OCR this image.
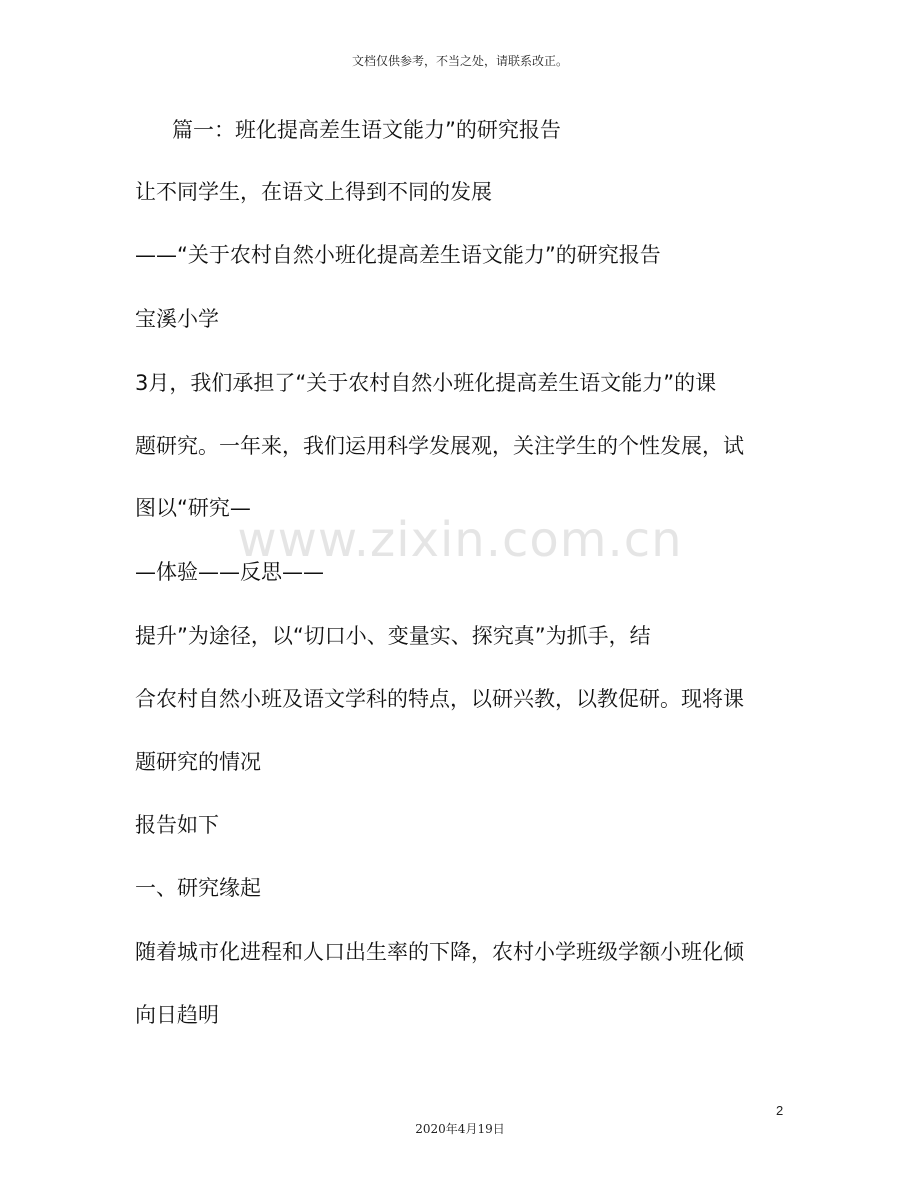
文档仅供参考，不当之处，请联系改正。
www.zixin.com.cn
篇一：班化提高差生语文能力”的研究报告
让不同学生，在语文上得到不同的发展
——“关于农村自然小班化提高差生语文能力”的研究报告
宝溪小学
3月，我们承担了“关于农村自然小班化提高差生语文能力”的课
题研究。一年来，我们运用科学发展观，关注学生的个性发展，试
图以“研究—
—体验——反思——
提升”为途径，以“切口小、变量实、探究真”为抓手，结
合农村自然小班及语文学科的特点，以研兴教，以教促研。现将课
题研究的情况
报告如下
一、研究缘起
随着城市化进程和人口出生率的下降，农村小学班级学额小班化倾
向日趋明
2
2020年4月19日
